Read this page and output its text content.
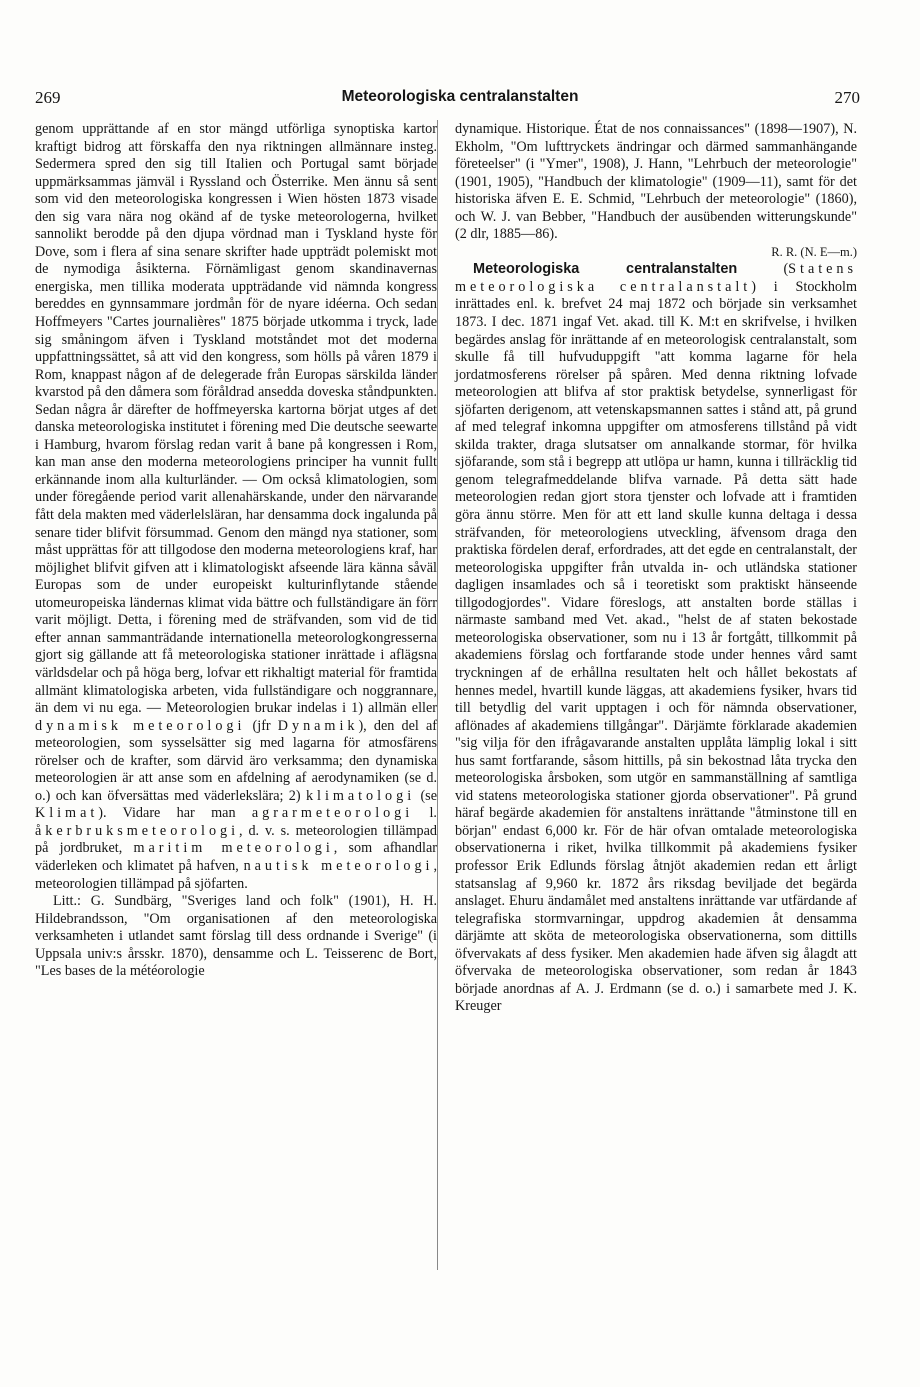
269	Meteorologiska centralanstalten	270

genom upprättande af en stor mängd utförliga synoptiska kartor kraftigt bidrog att förskaffa den nya riktningen allmännare insteg. Sedermera spred den sig till Italien och Portugal samt började uppmärksammas jämväl i Ryssland och Österrike. Men ännu så sent som vid den meteorologiska kongressen i Wien hösten 1873 visade den sig vara nära nog okänd af de tyske meteorologerna, hvilket sannolikt berodde på den djupa vördnad man i Tyskland hyste för Dove, som i flera af sina senare skrifter hade uppträdt polemiskt mot de nymodiga åsikterna. Förnämligast genom skandinavernas energiska, men tillika moderata uppträdande vid nämnda kongress bereddes en gynnsammare jordmån för de nyare idéerna. Och sedan Hoffmeyers "Cartes journalières" 1875 började utkomma i tryck, lade sig småningom äfven i Tyskland motståndet mot det moderna uppfattningssättet, så att vid den kongress, som hölls på våren 1879 i Rom, knappast någon af de delegerade från Europas särskilda länder kvarstod på den dåmera som föråldrad ansedda doveska ståndpunkten. Sedan några år därefter de hoffmeyerska kartorna börjat utges af det danska meteorologiska institutet i förening med Die deutsche seewarte i Hamburg, hvarom förslag redan varit å bane på kongressen i Rom, kan man anse den moderna meteorologiens principer ha vunnit fullt erkännande inom alla kulturländer. — Om också klimatologien, som under föregående period varit allenahärskande, under den närvarande fått dela makten med väderlelsläran, har densamma dock ingalunda på senare tider blifvit försummad. Genom den mängd nya stationer, som måst upprättas för att tillgodose den moderna meteorologiens kraf, har möjlighet blifvit gifven att i klimatologiskt afseende lära känna såväl Europas som de under europeiskt kulturinflytande stående utomeuropeiska ländernas klimat vida bättre och fullständigare än förr varit möjligt. Detta, i förening med de sträfvanden, som vid de tid efter annan sammanträdande internationella meteorologkongresserna gjort sig gällande att få meteorologiska stationer inrättade i aflägsna världsdelar och på höga berg, lofvar ett rikhaltigt material för framtida allmänt klimatologiska arbeten, vida fullständigare och noggrannare, än dem vi nu ega. — Meteorologien brukar indelas i 1) allmän eller dynamisk meteorologi (jfr Dynamik), den del af meteorologien, som sysselsätter sig med lagarna för atmosfärens rörelser och de krafter, som därvid äro verksamma; den dynamiska meteorologien är att anse som en afdelning af aerodynamiken (se d. o.) och kan öfversättas med väderlekslära; 2) klimatologi (se Klimat). Vidare har man agrarmeteorologi l. åkerbruksmeteorologi, d. v. s. meteorologien tillämpad på jordbruket, maritim meteorologi, som afhandlar väderleken och klimatet på hafven, nautisk meteorologi, meteorologien tillämpad på sjöfarten.

Litt.: G. Sundbärg, "Sveriges land och folk" (1901), H. H. Hildebrandsson, "Om organisationen af den meteorologiska verksamheten i utlandet samt förslag till dess ordnande i Sverige" (i Uppsala univ:s årsskr. 1870), densamme och L. Teisserenc de Bort, "Les bases de la météorologie

dynamique. Historique. État de nos connaissances" (1898—1907), N. Ekholm, "Om lufttryckets ändringar och därmed sammanhängande företeelser" (i "Ymer", 1908), J. Hann, "Lehrbuch der meteorologie" (1901, 1905), "Handbuch der klimatologie" (1909—11), samt för det historiska äfven E. E. Schmid, "Lehrbuch der meteorologie" (1860), och W. J. van Bebber, "Handbuch der ausübenden witterungskunde" (2 dlr, 1885—86).

R. R. (N. E—m.)

Meteorologiska centralanstalten (Statens meteorologiska centralanstalt) i Stockholm inrättades enl. k. brefvet 24 maj 1872 och började sin verksamhet 1873. I dec. 1871 ingaf Vet. akad. till K. M:t en skrifvelse, i hvilken begärdes anslag för inrättande af en meteorologisk centralanstalt, som skulle få till hufvuduppgift "att komma lagarne för hela jordatmosferens rörelser på spåren. Med denna riktning lofvade meteorologien att blifva af stor praktisk betydelse, synnerligast för sjöfarten derigenom, att vetenskapsmannen sattes i stånd att, på grund af med telegraf inkomna uppgifter om atmosferens tillstånd på vidt skilda trakter, draga slutsatser om annalkande stormar, för hvilka sjöfarande, som stå i begrepp att utlöpa ur hamn, kunna i tillräcklig tid genom telegrafmeddelande blifva varnade. På detta sätt hade meteorologien redan gjort stora tjenster och lofvade att i framtiden göra ännu större. Men för att ett land skulle kunna deltaga i dessa sträfvanden, för meteorologiens utveckling, äfvensom draga den praktiska fördelen deraf, erfordrades, att det egde en centralanstalt, der meteorologiska uppgifter från utvalda in- och utländska stationer dagligen insamlades och så i teoretiskt som praktiskt hänseende tillgodogjordes". Vidare föreslogs, att anstalten borde ställas i närmaste samband med Vet. akad., "helst de af staten bekostade meteorologiska observationer, som nu i 13 år fortgått, tillkommit på akademiens förslag och fortfarande stode under hennes vård samt tryckningen af de erhållna resultaten helt och hållet bekostats af hennes medel, hvartill kunde läggas, att akademiens fysiker, hvars tid till betydlig del varit upptagen i och för nämnda observationer, aflönades af akademiens tillgångar". Därjämte förklarade akademien "sig vilja för den ifrågavarande anstalten upplåta lämplig lokal i sitt hus samt fortfarande, såsom hittills, på sin bekostnad låta trycka den meteorologiska årsboken, som utgör en sammanställning af samtliga vid statens meteorologiska stationer gjorda observationer". På grund häraf begärde akademien för anstaltens inrättande "åtminstone till en början" endast 6,000 kr. För de här ofvan omtalade meteorologiska observationerna i riket, hvilka tillkommit på akademiens fysiker professor Erik Edlunds förslag åtnjöt akademien redan ett årligt statsanslag af 9,960 kr. 1872 års riksdag beviljade det begärda anslaget. Ehuru ändamålet med anstaltens inrättande var utfärdande af telegrafiska stormvarningar, uppdrog akademien åt densamma därjämte att sköta de meteorologiska observationerna, som dittills öfvervakats af dess fysiker. Men akademien hade äfven sig ålagdt att öfvervaka de meteorologiska observationer, som redan år 1843 började anordnas af A. J. Erdmann (se d. o.) i samarbete med J. K. Kreuger
